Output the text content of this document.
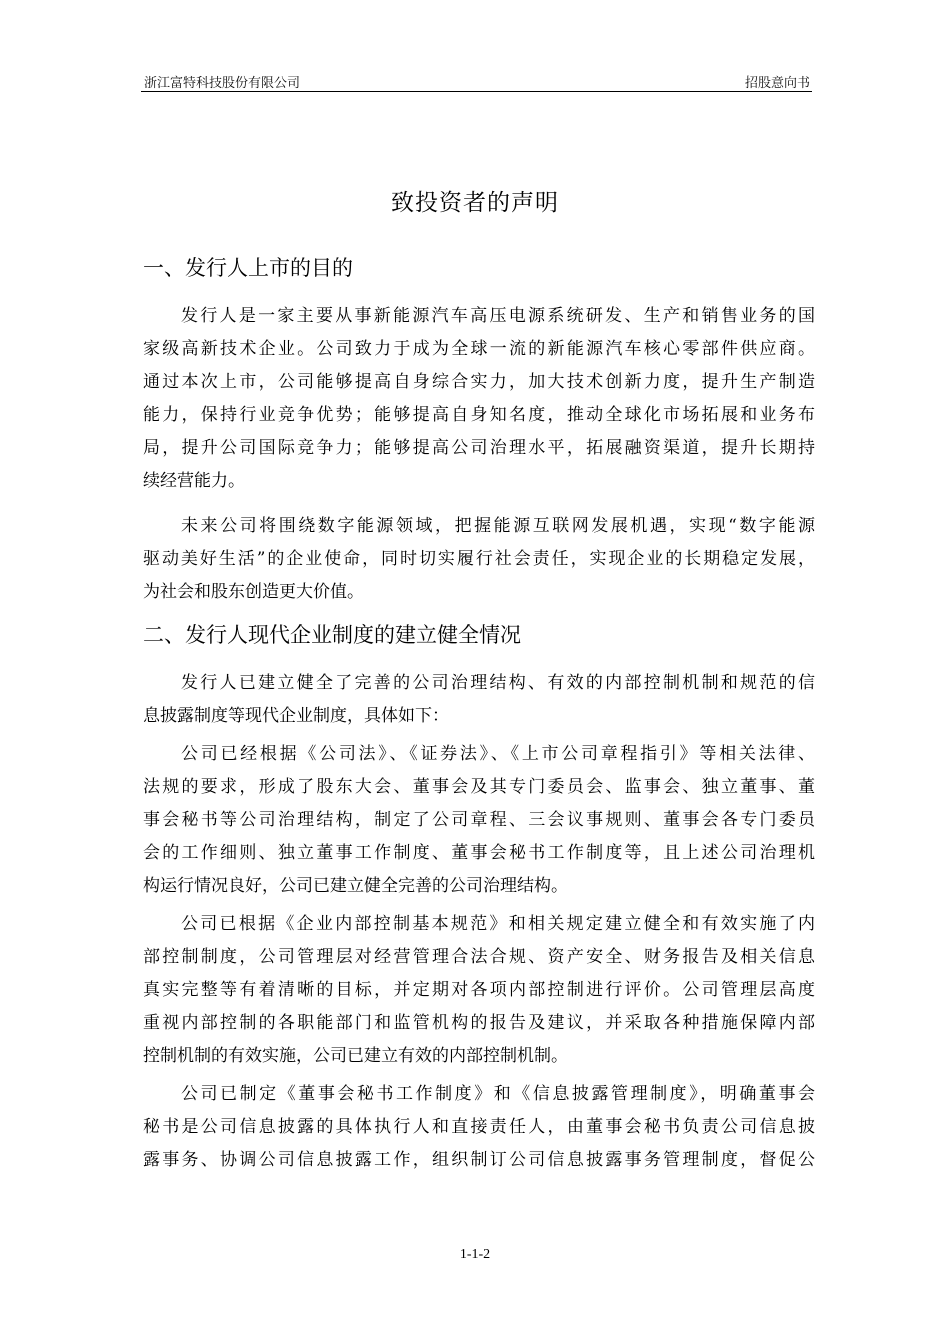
浙江富特科技股份有限公司	招股意向书
致投资者的声明
一、发行人上市的目的
发行人是一家主要从事新能源汽车高压电源系统研发、生产和销售业务的国
家级高新技术企业。公司致力于成为全球一流的新能源汽车核心零部件供应商。
通过本次上市，公司能够提高自身综合实力，加大技术创新力度，提升生产制造
能力，保持行业竞争优势；能够提高自身知名度，推动全球化市场拓展和业务布
局，提升公司国际竞争力；能够提高公司治理水平，拓展融资渠道，提升长期持
续经营能力。
未来公司将围绕数字能源领域，把握能源互联网发展机遇，实现“数字能源
驱动美好生活”的企业使命，同时切实履行社会责任，实现企业的长期稳定发展，
为社会和股东创造更大价值。
二、发行人现代企业制度的建立健全情况
发行人已建立健全了完善的公司治理结构、有效的内部控制机制和规范的信
息披露制度等现代企业制度，具体如下：
公司已经根据《公司法》、《证券法》、《上市公司章程指引》等相关法律、
法规的要求，形成了股东大会、董事会及其专门委员会、监事会、独立董事、董
事会秘书等公司治理结构，制定了公司章程、三会议事规则、董事会各专门委员
会的工作细则、独立董事工作制度、董事会秘书工作制度等，且上述公司治理机
构运行情况良好，公司已建立健全完善的公司治理结构。
公司已根据《企业内部控制基本规范》和相关规定建立健全和有效实施了内
部控制制度，公司管理层对经营管理合法合规、资产安全、财务报告及相关信息
真实完整等有着清晰的目标，并定期对各项内部控制进行评价。公司管理层高度
重视内部控制的各职能部门和监管机构的报告及建议，并采取各种措施保障内部
控制机制的有效实施，公司已建立有效的内部控制机制。
公司已制定《董事会秘书工作制度》和《信息披露管理制度》，明确董事会
秘书是公司信息披露的具体执行人和直接责任人，由董事会秘书负责公司信息披
露事务、协调公司信息披露工作，组织制订公司信息披露事务管理制度，督促公
1-1-2
